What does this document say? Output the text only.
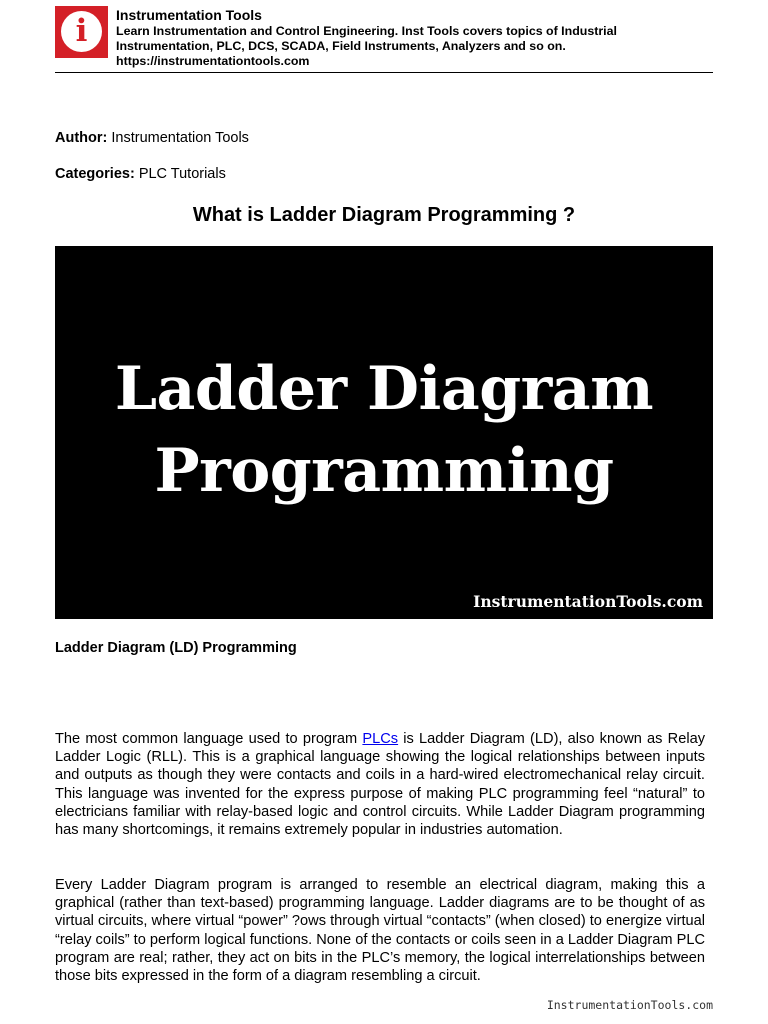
i	Instrumentation Tools
Learn Instrumentation and Control Engineering. Inst Tools covers topics of Industrial Instrumentation, PLC, DCS, SCADA, Field Instruments, Analyzers and so on.
https://instrumentationtools.com
Author: Instrumentation Tools
Categories: PLC Tutorials
What is Ladder Diagram Programming ?
Ladder Diagram
Programming
InstrumentationTools.com
Ladder Diagram (LD) Programming
The most common language used to program PLCs is Ladder Diagram (LD), also known as Relay Ladder Logic (RLL). This is a graphical language showing the logical relationships between inputs and outputs as though they were contacts and coils in a hard-wired electromechanical relay circuit. This language was invented for the express purpose of making PLC programming feel “natural” to electricians familiar with relay-based logic and control circuits. While Ladder Diagram programming has many shortcomings, it remains extremely popular in industries automation.
Every Ladder Diagram program is arranged to resemble an electrical diagram, making this a graphical (rather than text-based) programming language. Ladder diagrams are to be thought of as virtual circuits, where virtual “power” ?ows through virtual “contacts” (when closed) to energize virtual “relay coils” to perform logical functions. None of the contacts or coils seen in a Ladder Diagram PLC program are real; rather, they act on bits in the PLC’s memory, the logical interrelationships between those bits expressed in the form of a diagram resembling a circuit.
InstrumentationTools.com
